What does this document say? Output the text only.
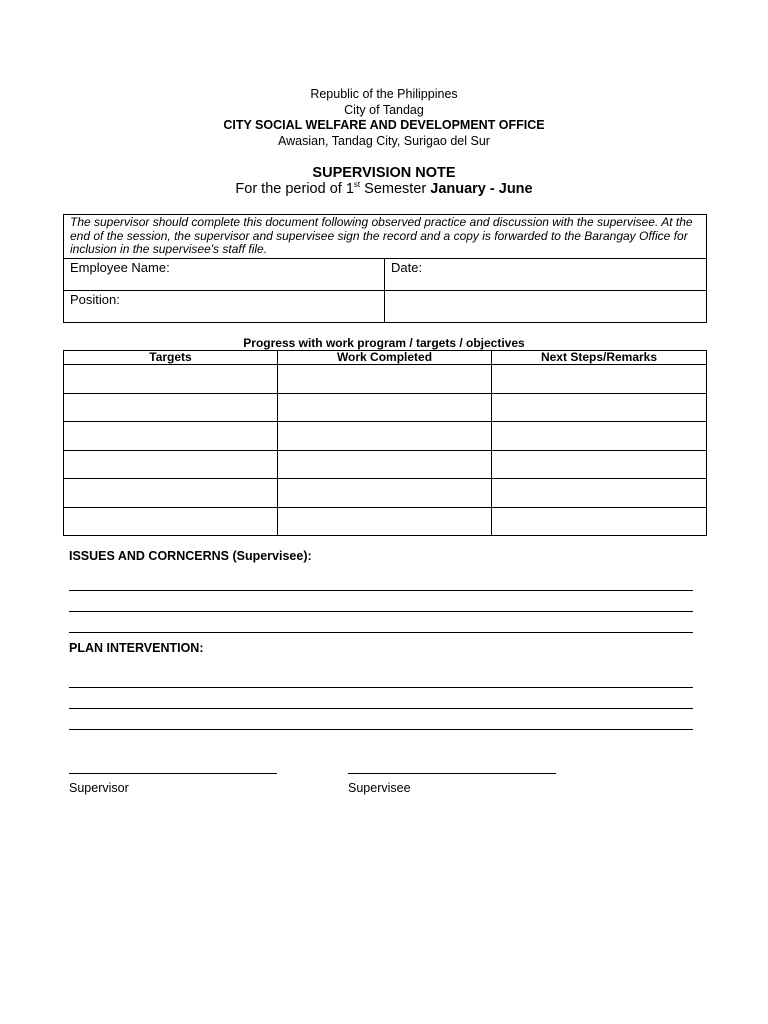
Republic of the Philippines
City of Tandag
CITY SOCIAL WELFARE AND DEVELOPMENT OFFICE
Awasian, Tandag City, Surigao del Sur
SUPERVISION NOTE
For the period of 1st Semester January - June
The supervisor should complete this document following observed practice and discussion with the supervisee. At the end of the session, the supervisor and supervisee sign the record and a copy is forwarded to the Barangay Office for inclusion in the supervisee's staff file.	
Employee Name:	Date:
Position:	
Progress with work program / targets / objectives
Targets	Work Completed	Next Steps/Remarks

ISSUES AND CORNCERNS (Supervisee):
PLAN INTERVENTION:
Supervisor	Supervisee
